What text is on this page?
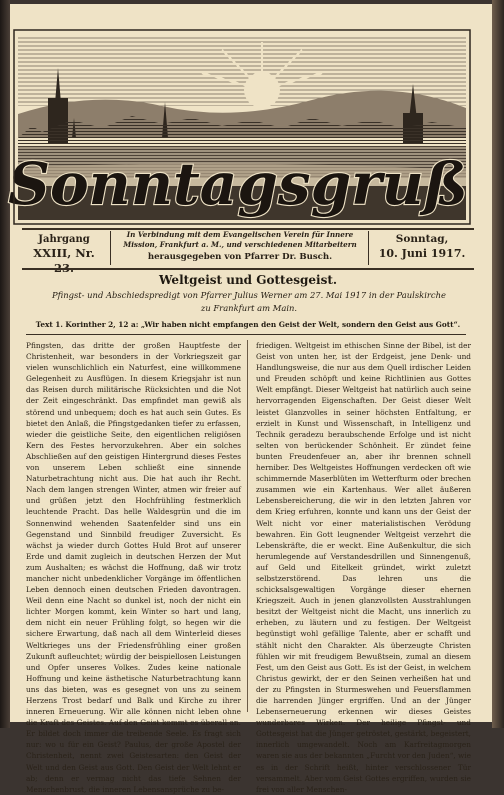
Sonntagsgruß
Jahrgang
XXIII, Nr.
In Verbindung mit dem Evangelischen Verein für Innere
Mission, Frankfurt a. M., und verschiedenen Mitarbeitern
herausgegeben von Pfarrer Dr. Busch.
Sonntag,
10. Juni 1917.
Weltgeist und Gottesgeist.
Pfingst- und Abschiedspredigt von Pfarrer Julius Werner am 27. Mai 1917 in der Paulskirche
zu Frankfurt am Main.
Text 1. Korinther 2, 12 a: „Wir haben nicht empfangen den Geist der Welt, sondern den Geist aus Gott“.
Pfingsten, das dritte der großen Hauptfeste der Christenheit, war besonders in der Vorkriegszeit gar vielen wunschlichlich ein Naturfest, eine willkommene Gelegenheit zu Ausflügen. In diesem Kriegsjahr ist nun das Reisen durch militärische Rücksichten und die Not der Zeit eingeschränkt. Das empfindet man gewiß als störend und unbequem; doch es hat auch sein Gutes. Es bietet den Anlaß, die Pfingstgedanken tiefer zu erfassen, wieder die geistliche Seite, den eigentlichen religiösen Kern des Festes hervorzukehren. Aber ein solches Abschließen auf den geistigen Hintergrund dieses Festes von unserem Leben schließt eine sinnende Naturbetrachtung nicht aus. Die hat auch ihr Recht. Nach dem langen strengen Winter, atmen wir freier auf und grüßen jetzt den Hochfrühling festmerklich leuchtende Pracht. Das helle Waldesgrün und die im Sonnenwind wehenden Saatenfelder sind uns ein Gegenstand und Sinnbild freudiger Zuversicht. Es wächst ja wieder durch Gottes Huld Brot auf unserer Erde und damit zugleich in deutschen Herzen der Mut zum Aushalten; es wächst die Hoffnung, daß wir trotz mancher nicht unbedenklicher Vorgänge im öffentlichen Leben dennoch einen deutschen Frieden davontragen. Weil denn eine Nacht so dunkel ist, noch der nicht ein lichter Morgen kommt, kein Winter so hart und lang, dem nicht ein neuer Frühling folgt, so hegen wir die sichere Erwartung, daß nach all dem Winterleid dieses Weltkrieges uns der Friedensfrühling einer großen Zukunft aufleuchtet; würdig der beispiellosen Leistungen und Opfer unseres Volkes. Zudes keine nationale Hoffnung und keine ästhetische Naturbetrachtung kann uns das bieten, was es gesegnet von uns zu seinem Herzens Trost bedarf und Balk und Kirche zu ihrer inneren Erneuerung. Wir alle können nicht leben ohne die Kraft des Geistes. Auf den Geist kommt es überall an. Er bildet doch immer die treibende Seele. Es fragt sich nur: wo u für ein Geist? Paulus, der große Apostel der Christenheit, nennt zwei Geistesarten: den Geist der Welt und den Geist aus Gott. Den Geist der Welt lehnt er ab; denn er vermag nicht das tiefe Sehnen der Menschenbrust, die inneren Lebensansprüche zu be-
friedigen. Weltgeist im ethischen Sinne der Bibel, ist der Geist von unten her, ist der Erdgeist, jene Denk- und Handlungsweise, die nur aus dem Quell irdischer Leiden und Freuden schöpft und keine Richtlinien aus Gottes Welt empfängt. Dieser Weltgeist hat natürlich auch seine hervorragenden Eigenschaften. Der Geist dieser Welt leistet Glanzvolles in seiner höchsten Entfaltung, er erzielt in Kunst und Wissenschaft, in Intelligenz und Technik geradezu beraubschende Erfolge und ist nicht selten von berückender Schönheit. Er zündet feine bunten Freudenfeuer an, aber ihr brennen schnell herniber. Des Weltgeistes Hoffnungen verdecken oft wie schimmernde Maserblüten im Wetterfturm oder brechen zusammen wie ein Kartenhaus. Wer allet äußeren Lebensbereicherung, die wir in den letzten Jahren vor dem Krieg erfuhren, konnte und kann uns der Geist der Welt nicht vor einer materialistischen Verödung bewahren. Ein Gott leugnender Weltgeist verzehrt die Lebenskräfte, die er weckt. Eine Außenkultur, die sich herumlegende auf Verstandesdrillen und Sinnengenuß, auf Geld und Eitelkeit gründet, wirkt zuletzt selbstzerstörend. Das lehren uns die schicksalsgewaltigen Vorgänge dieser ehernen Kriegszeit. Auch in jenen glanzvollsten Ausstrahlungen besitzt der Weltgeist nicht die Macht, uns innerlich zu erheben, zu läutern und zu festigen. Der Weltgeist begünstigt wohl gefällige Talente, aber er schafft und stählt nicht den Charakter. Als überzeugte Christen fühlen wir mit freudigem Bewußtsein, zumal an diesem Fest, um den Geist aus Gott. Es ist der Geist, in welchem Christus gewirkt, der er den Seinen verheißen hat und der zu Pfingsten in Sturmeswehen und Feuersflammen die harrenden Jünger ergriffen. Und an der Jünger Lebenserneuerung erkennen wir dieses Geistes wunderbares Wirken. Der heilige Pfingst- und Gottesgeist hat die Jünger getröstet, gestärkt, begeistert, innerlich umgewandelt. Noch am Karfreitagmorgen waren sie aus der bekannten „Furcht vor den Juden“, wie es in der Schrift heißt, hinter verschlossener Tür versammelt. Aber vom Geist Gottes ergriffen, wurden sie frei von aller Menschen-
